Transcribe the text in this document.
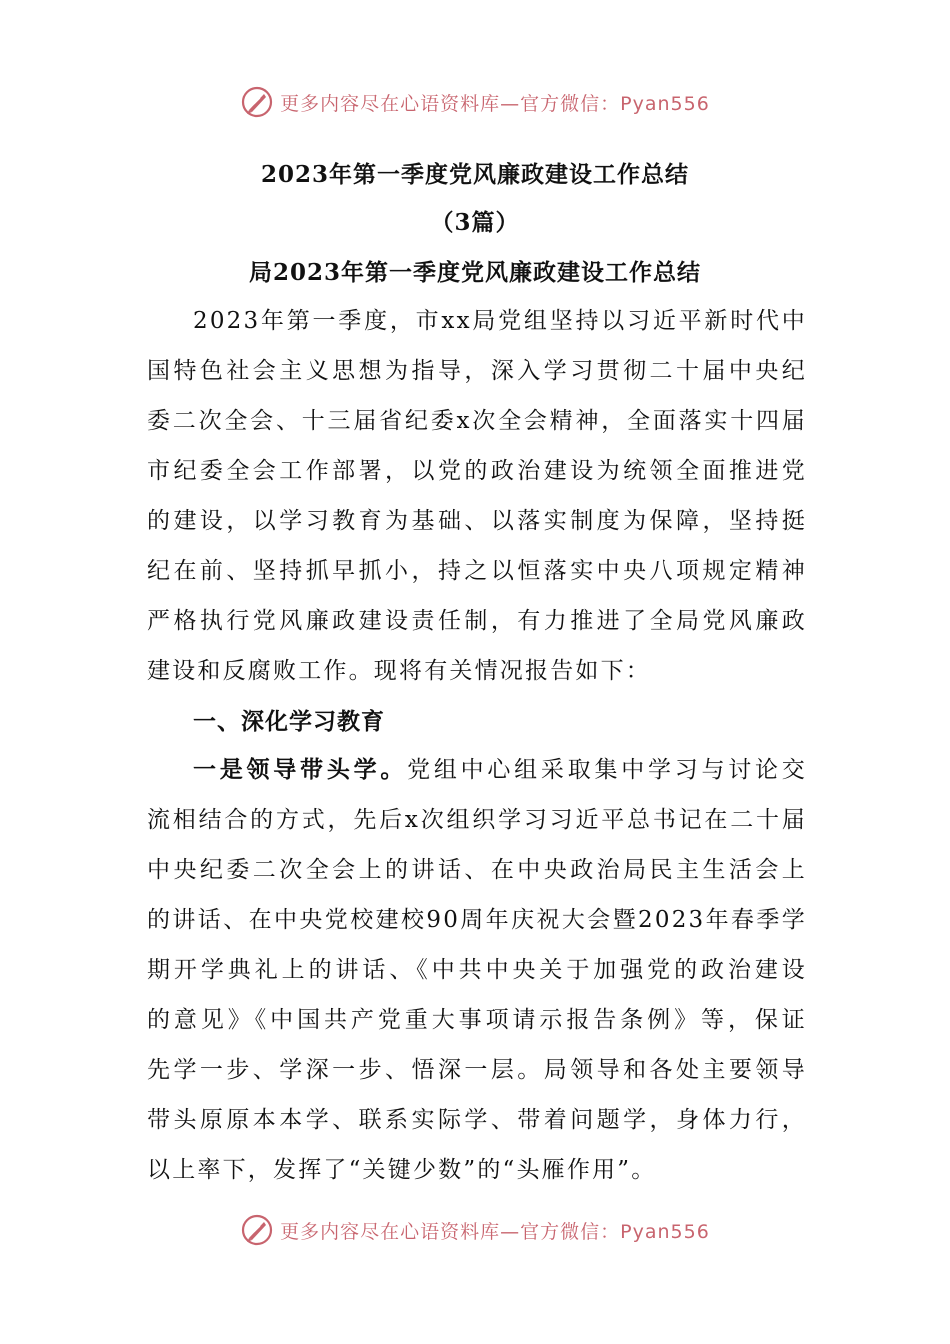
更多内容尽在心语资料库—官方微信：Pyan556
2023年第一季度党风廉政建设工作总结
（3篇）
局2023年第一季度党风廉政建设工作总结
2023年第一季度，市xx局党组坚持以习近平新时代中
国特色社会主义思想为指导，深入学习贯彻二十届中央纪
委二次全会、十三届省纪委x次全会精神，全面落实十四届
市纪委全会工作部署，以党的政治建设为统领全面推进党
的建设，以学习教育为基础、以落实制度为保障，坚持挺
纪在前、坚持抓早抓小，持之以恒落实中央八项规定精神
严格执行党风廉政建设责任制，有力推进了全局党风廉政
建设和反腐败工作。现将有关情况报告如下：
一、深化学习教育
一是领导带头学。党组中心组采取集中学习与讨论交
流相结合的方式，先后x次组织学习习近平总书记在二十届
中央纪委二次全会上的讲话、在中央政治局民主生活会上
的讲话、在中央党校建校90周年庆祝大会暨2023年春季学
期开学典礼上的讲话、《中共中央关于加强党的政治建设
的意见》《中国共产党重大事项请示报告条例》等，保证
先学一步、学深一步、悟深一层。局领导和各处主要领导
带头原原本本学、联系实际学、带着问题学，身体力行，
以上率下，发挥了“关键少数”的“头雁作用”。
更多内容尽在心语资料库—官方微信：Pyan556
